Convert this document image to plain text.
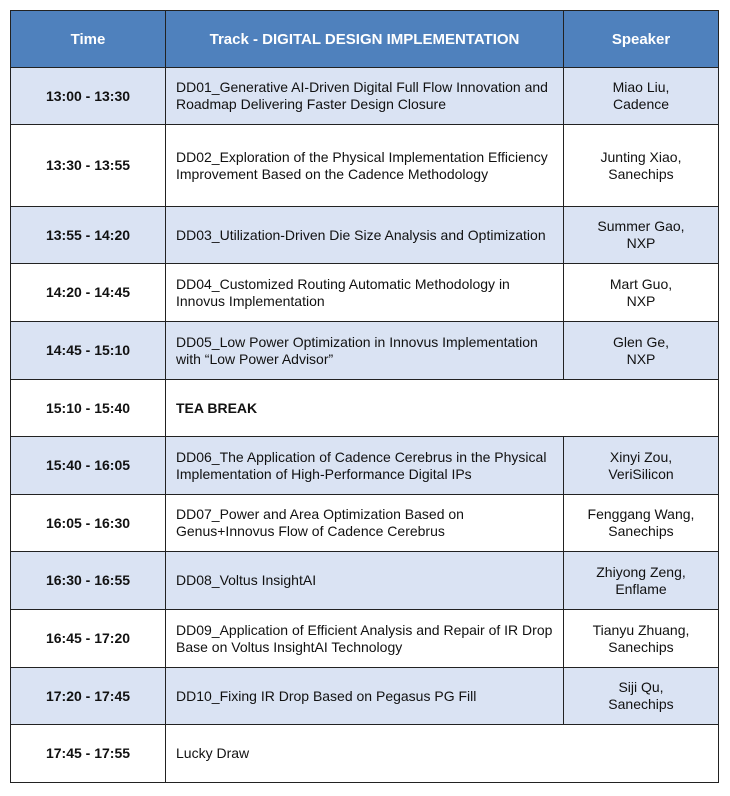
Time	Track - DIGITAL DESIGN IMPLEMENTATION	Speaker
13:00 - 13:30	DD01_Generative AI-Driven Digital Full Flow Innovation and Roadmap Delivering Faster Design Closure	Miao Liu,
Cadence
13:30 - 13:55	DD02_Exploration of the Physical Implementation Efficiency Improvement Based on the Cadence Methodology	Junting Xiao,
Sanechips
13:55 - 14:20	DD03_Utilization-Driven Die Size Analysis and Optimization	Summer Gao,
NXP
14:20 - 14:45	DD04_Customized Routing Automatic Methodology in Innovus Implementation	Mart Guo,
NXP
14:45 - 15:10	DD05_Low Power Optimization in Innovus Implementation with “Low Power Advisor”	Glen Ge,
NXP
15:10 - 15:40	TEA BREAK	
15:40 - 16:05	DD06_The Application of Cadence Cerebrus in the Physical Implementation of High-Performance Digital IPs	Xinyi Zou,
VeriSilicon
16:05 - 16:30	DD07_Power and Area Optimization Based on Genus+Innovus Flow of Cadence Cerebrus	Fenggang Wang,
Sanechips
16:30 - 16:55	DD08_Voltus InsightAI	Zhiyong Zeng,
Enflame
16:45 - 17:20	DD09_Application of Efficient Analysis and Repair of IR Drop Base on Voltus InsightAI Technology	Tianyu Zhuang,
Sanechips
17:20 - 17:45	DD10_Fixing IR Drop Based on Pegasus PG Fill	Siji Qu,
Sanechips
17:45 - 17:55	Lucky Draw	
